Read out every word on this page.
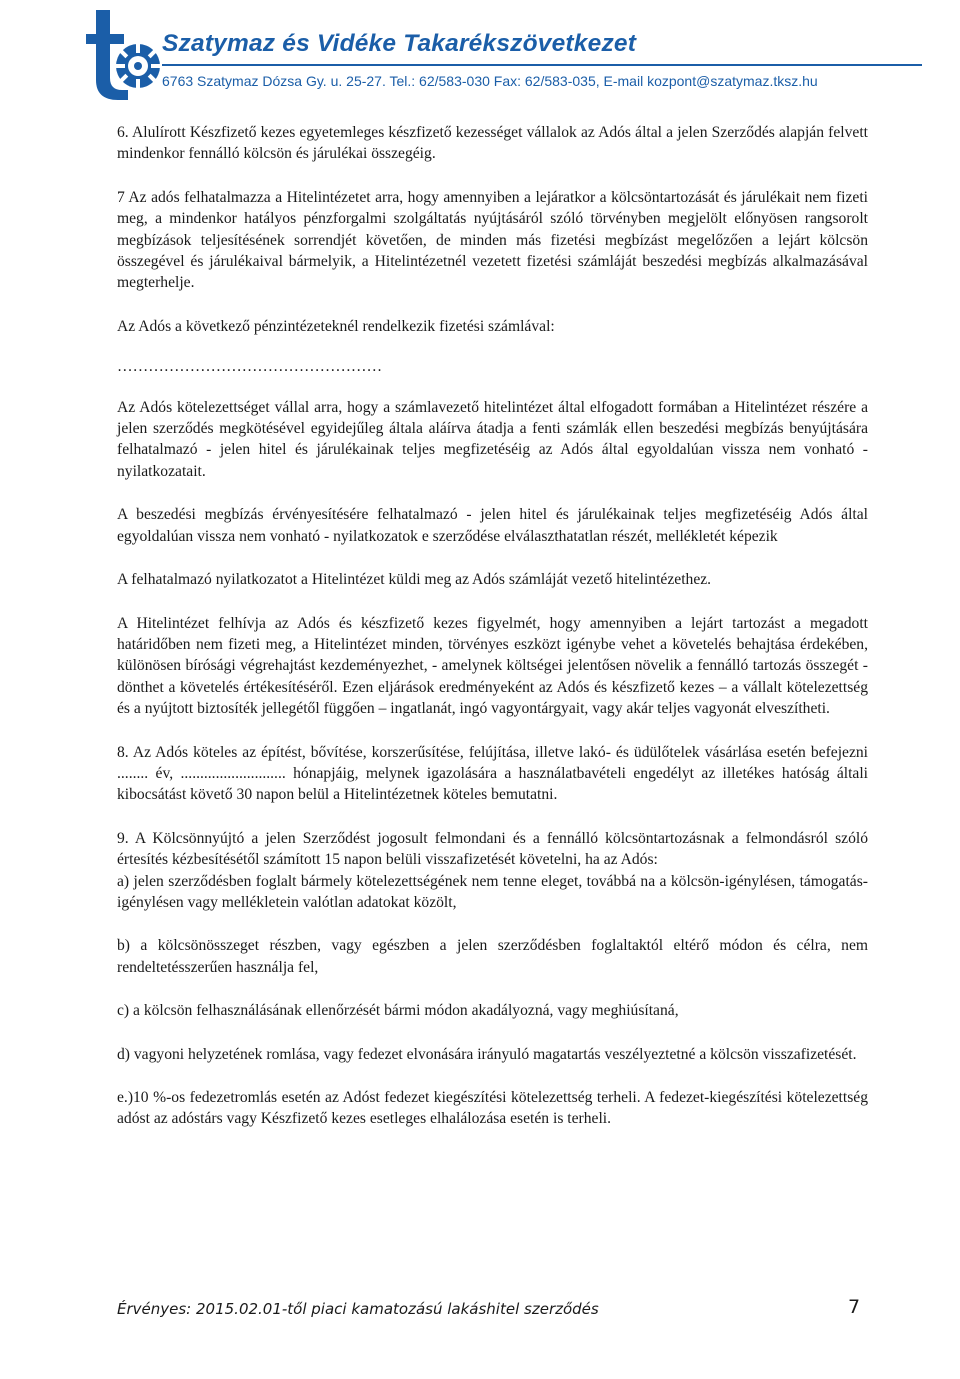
Szatymaz és Vidéke Takarékszövetkezet
6763 Szatymaz Dózsa Gy. u. 25-27. Tel.: 62/583-030 Fax: 62/583-035, E-mail kozpont@szatymaz.tksz.hu

6. Alulírott Készfizető kezes egyetemleges készfizető kezességet vállalok az Adós által a jelen Szerződés alapján felvett mindenkor fennálló kölcsön és járulékai összegéig.

7 Az adós felhatalmazza a Hitelintézetet arra, hogy amennyiben a lejáratkor a kölcsöntartozását és járulékait nem fizeti meg, a mindenkor hatályos pénzforgalmi szolgáltatás nyújtásáról szóló törvényben megjelölt előnyösen rangsorolt megbízások teljesítésének sorrendjét követően, de minden más fizetési megbízást megelőzően a lejárt kölcsön összegével és járulékaival bármelyik, a Hitelintézetnél vezetett fizetési számláját beszedési megbízás alkalmazásával megterhelje.

Az Adós a következő pénzintézeteknél rendelkezik fizetési számlával:

……………………………………………

Az Adós kötelezettséget vállal arra, hogy a számlavezető hitelintézet által elfogadott formában a Hitelintézet részére a jelen szerződés megkötésével egyidejűleg általa aláírva átadja a fenti számlák ellen beszedési megbízás benyújtására felhatalmazó - jelen hitel és járulékainak teljes megfizetéséig az Adós által egyoldalúan vissza nem vonható - nyilatkozatait.

A beszedési megbízás érvényesítésére felhatalmazó - jelen hitel és járulékainak teljes megfizetéséig Adós által egyoldalúan vissza nem vonható - nyilatkozatok e szerződése elválaszthatatlan részét, mellékletét képezik

A felhatalmazó nyilatkozatot a Hitelintézet küldi meg az Adós számláját vezető hitelintézethez.

A Hitelintézet felhívja az Adós és készfizető kezes figyelmét, hogy amennyiben a lejárt tartozást a megadott határidőben nem fizeti meg, a Hitelintézet minden, törvényes eszközt igénybe vehet a követelés behajtása érdekében, különösen bírósági végrehajtást kezdeményezhet, - amelynek költségei jelentősen növelik a fennálló tartozás összegét - dönthet a követelés értékesítéséről. Ezen eljárások eredményeként az Adós és készfizető kezes – a vállalt kötelezettség és a nyújtott biztosíték jellegétől függően – ingatlanát, ingó vagyontárgyait, vagy akár teljes vagyonát elveszítheti.

8. Az Adós köteles az építést, bővítése, korszerűsítése, felújítása, illetve lakó- és üdülőtelek vásárlása esetén befejezni ........ év, ........................... hónapjáig, melynek igazolására a használatbavételi engedélyt az illetékes hatóság általi kibocsátást követő 30 napon belül a Hitelintézetnek köteles bemutatni.

9. A Kölcsönnyújtó a jelen Szerződést jogosult felmondani és a fennálló kölcsöntartozásnak a felmondásról szóló értesítés kézbesítésétől számított 15 napon belüli visszafizetését követelni, ha az Adós:

a) jelen szerződésben foglalt bármely kötelezettségének nem tenne eleget, továbbá na a kölcsön-igénylésen, támogatás-igénylésen vagy mellékletein valótlan adatokat közölt,

b) a kölcsönösszeget részben, vagy egészben a jelen szerződésben foglaltaktól eltérő módon és célra, nem rendeltetésszerűen használja fel,

c) a kölcsön felhasználásának ellenőrzését bármi módon akadályozná, vagy meghiúsítaná,

d) vagyoni helyzetének romlása, vagy fedezet elvonására irányuló magatartás veszélyeztetné a kölcsön visszafizetését.

e.)10 %-os fedezetromlás esetén az Adóst fedezet kiegészítési kötelezettség terheli. A fedezet-kiegészítési kötelezettség adóst az adóstárs vagy Készfizető kezes esetleges elhalálozása esetén is terheli.

Érvényes: 2015.02.01-től piaci kamatozású lakáshitel szerződés	7
